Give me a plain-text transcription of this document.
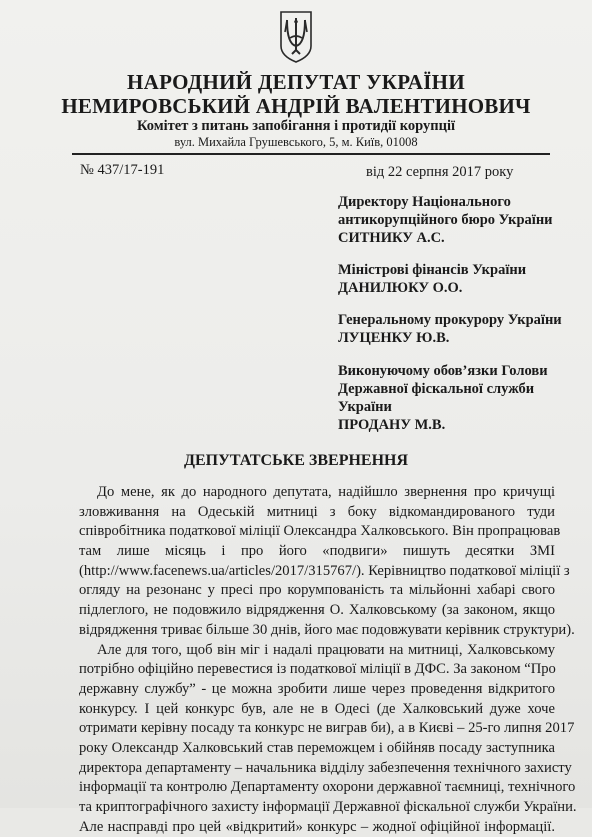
НАРОДНИЙ ДЕПУТАТ УКРАЇНИ
НЕМИРОВСЬКИЙ АНДРІЙ ВАЛЕНТИНОВИЧ
Комітет з питань запобігання і протидії корупції
вул. Михайла Грушевського, 5, м. Київ, 01008
№ 437/17-191	від 22 серпня 2017 року
Директору Національного
антикорупційного бюро України
СИТНИКУ А.С.
Міністрові фінансів України
ДАНИЛЮКУ О.О.
Генеральному прокурору України
ЛУЦЕНКУ Ю.В.
Виконуючому обов’язки Голови
Державної фіскальної служби
України
ПРОДАНУ М.В.
ДЕПУТАТСЬКЕ ЗВЕРНЕННЯ
До мене, як до народного депутата, надійшло звернення про кричущі
зловживання на Одеській митниці з боку відкомандированого туди
співробітника податкової міліції Олександра Халковського. Він пропрацював
там лише місяць і про його «подвиги» пишуть десятки ЗМІ
(http://www.facenews.ua/articles/2017/315767/). Керівництво податкової міліції з
огляду на резонанс у пресі про корумпованість та мільйонні хабарі свого
підлеглого, не подовжило відрядження О. Халковському (за законом, якщо
відрядження триває більше 30 днів, його має подовжувати керівник структури).
Але для того, щоб він міг і надалі працювати на митниці, Халковському
потрібно офіційно перевестися із податкової міліції в ДФС. За законом “Про
державну службу” - це можна зробити лише через проведення відкритого
конкурсу. І цей конкурс був, але не в Одесі (де Халковський дуже хоче
отримати керівну посаду та конкурс не виграв би), а в Києві – 25-го липня 2017
року Олександр Халковський став переможцем і обійняв посаду заступника
директора департаменту – начальника відділу забезпечення технічного захисту
інформації та контролю Департаменту охорони державної таємниці, технічного
та криптографічного захисту інформації Державної фіскальної служби України.
Але насправді про цей «відкритий» конкурс – жодної офіційної інформації.
